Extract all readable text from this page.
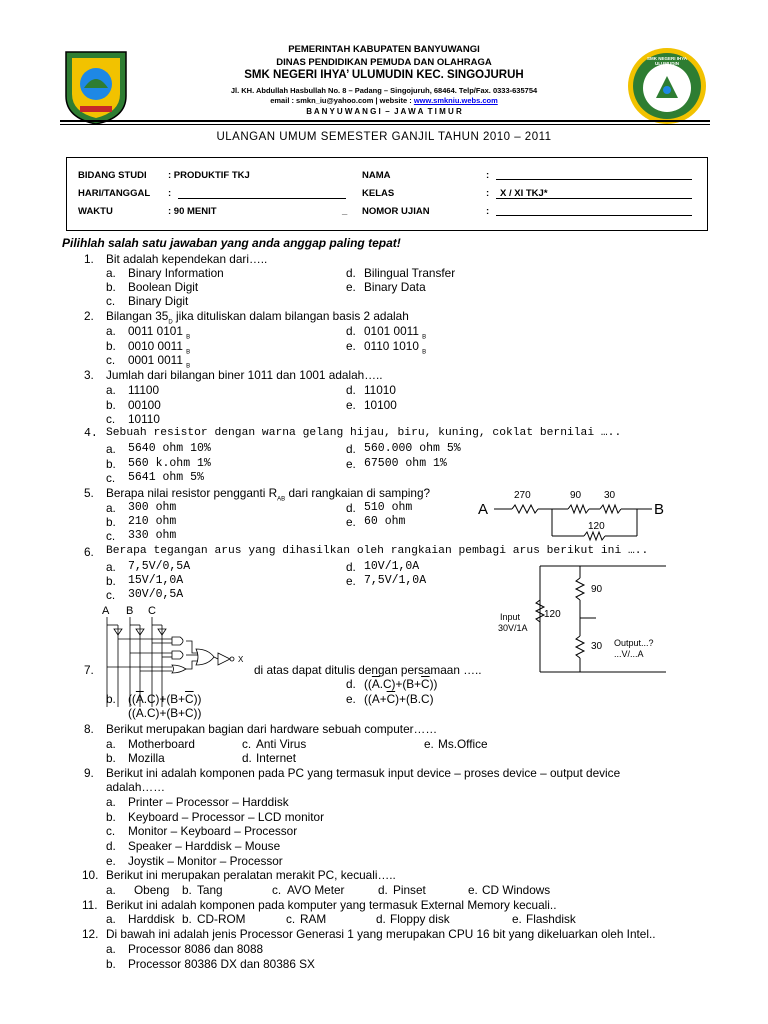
SMK NEGERI IHYA ULUMUDIN
PEMERINTAH KABUPATEN BANYUWANGI
DINAS PENDIDIKAN PEMUDA DAN OLAHRAGA
SMK NEGERI IHYA’ ULUMUDIN KEC. SINGOJURUH
Jl. KH. Abdullah Hasbullah No. 8 – Padang – Singojuruh, 68464. Telp/Fax. 0333-635754
email : smkn_iu@yahoo.com | website : www.smkniu.webs.com
B A N Y U W A N G I  –  J A W A  T I M U R
ULANGAN UMUM SEMESTER GANJIL TAHUN 2010 – 2011
BIDANG STUDI : PRODUKTIF TKJ
HARI/TANGGAL :
WAKTU	: 90 MENIT	_
NAMA	:
KELAS	: X / XI TKJ*
NOMOR UJIAN	:
Pilihlah salah satu jawaban yang anda anggap paling tepat!
1. Bit adalah kependekan dari…..
a. Binary Information	d. Bilingual Transfer
b. Boolean Digit	e. Binary Data
c. Binary Digit
2. Bilangan $35_D$ jika dituliskan dalam bilangan basis 2 adalah
a. 0011 0101 $_B$	d. 0101 0011 $_B$
b. 0010 0011 $_B$	e. 0110 1010 $_B$
c. 0001 0011 $_B$
3. Jumlah dari bilangan biner 1011 dan 1001 adalah…..
a. 11100	d. 11010
b. 00100	e. 10100
c. 10110
4. Sebuah resistor dengan warna gelang hijau, biru, kuning, coklat bernilai …..
a. 5640 ohm 10%	d. 560.000 ohm 5%
b. 560 k.ohm 1%	e. 67500 ohm 1%
c. 5641 ohm 5%
5. Berapa nilai resistor pengganti $R_{AB}$ dari rangkaian di samping?
a. 300 ohm	d. 510 ohm
b. 210 ohm	e. 60 ohm
c. 330 ohm
A	B
270	90 30
120
6. Berapa tegangan arus yang dihasilkan oleh rangkaian pembagi arus berikut ini …..
a. 7,5V/0,5A	d. 10V/1,0A
b. 15V/1,0A	e. 7,5V/1,0A
c. 30V/0,5A	90
120
30
Input
30V/1A
Output...?
...V/...A
A B C
X
7.	di atas dapat ditulis dengan persamaan …..
d. $((\overline{A}.C)+(B+\overline{C}))$
b. $((\overline{A}.C)+(B+\overline{C}))$	e. ($(A+\overline{C})+(B.C)$
((A.C)+(B+C))
8. Berikut merupakan bagian dari hardware sebuah computer……
a. Motherboard	c. Anti Virus	e. Ms.Office
b. Mozilla	d. Internet
9. Berikut ini adalah komponen pada PC yang termasuk input device – proses device – output device
adalah……
a. Printer – Processor – Harddisk
b. Keyboard – Processor – LCD monitor
c. Monitor – Keyboard – Processor
d. Speaker – Harddisk – Mouse
e. Joystik – Monitor – Processor
10. Berikut ini merupakan peralatan merakit PC, kecuali…..
a. Obeng b. Tang	c. AVO Meter	d. Pinset	e. CD Windows
11. Berikut ini adalah komponen pada komputer yang termasuk External Memory kecuali..
a. Harddisk b. CD-ROM	c. RAM	d. Floppy disk	e. Flashdisk
12. Di bawah ini adalah jenis Processor Generasi 1 yang merupakan CPU 16 bit yang dikeluarkan oleh Intel..
a. Processor 8086 dan 8088
b. Processor 80386 DX dan 80386 SX
